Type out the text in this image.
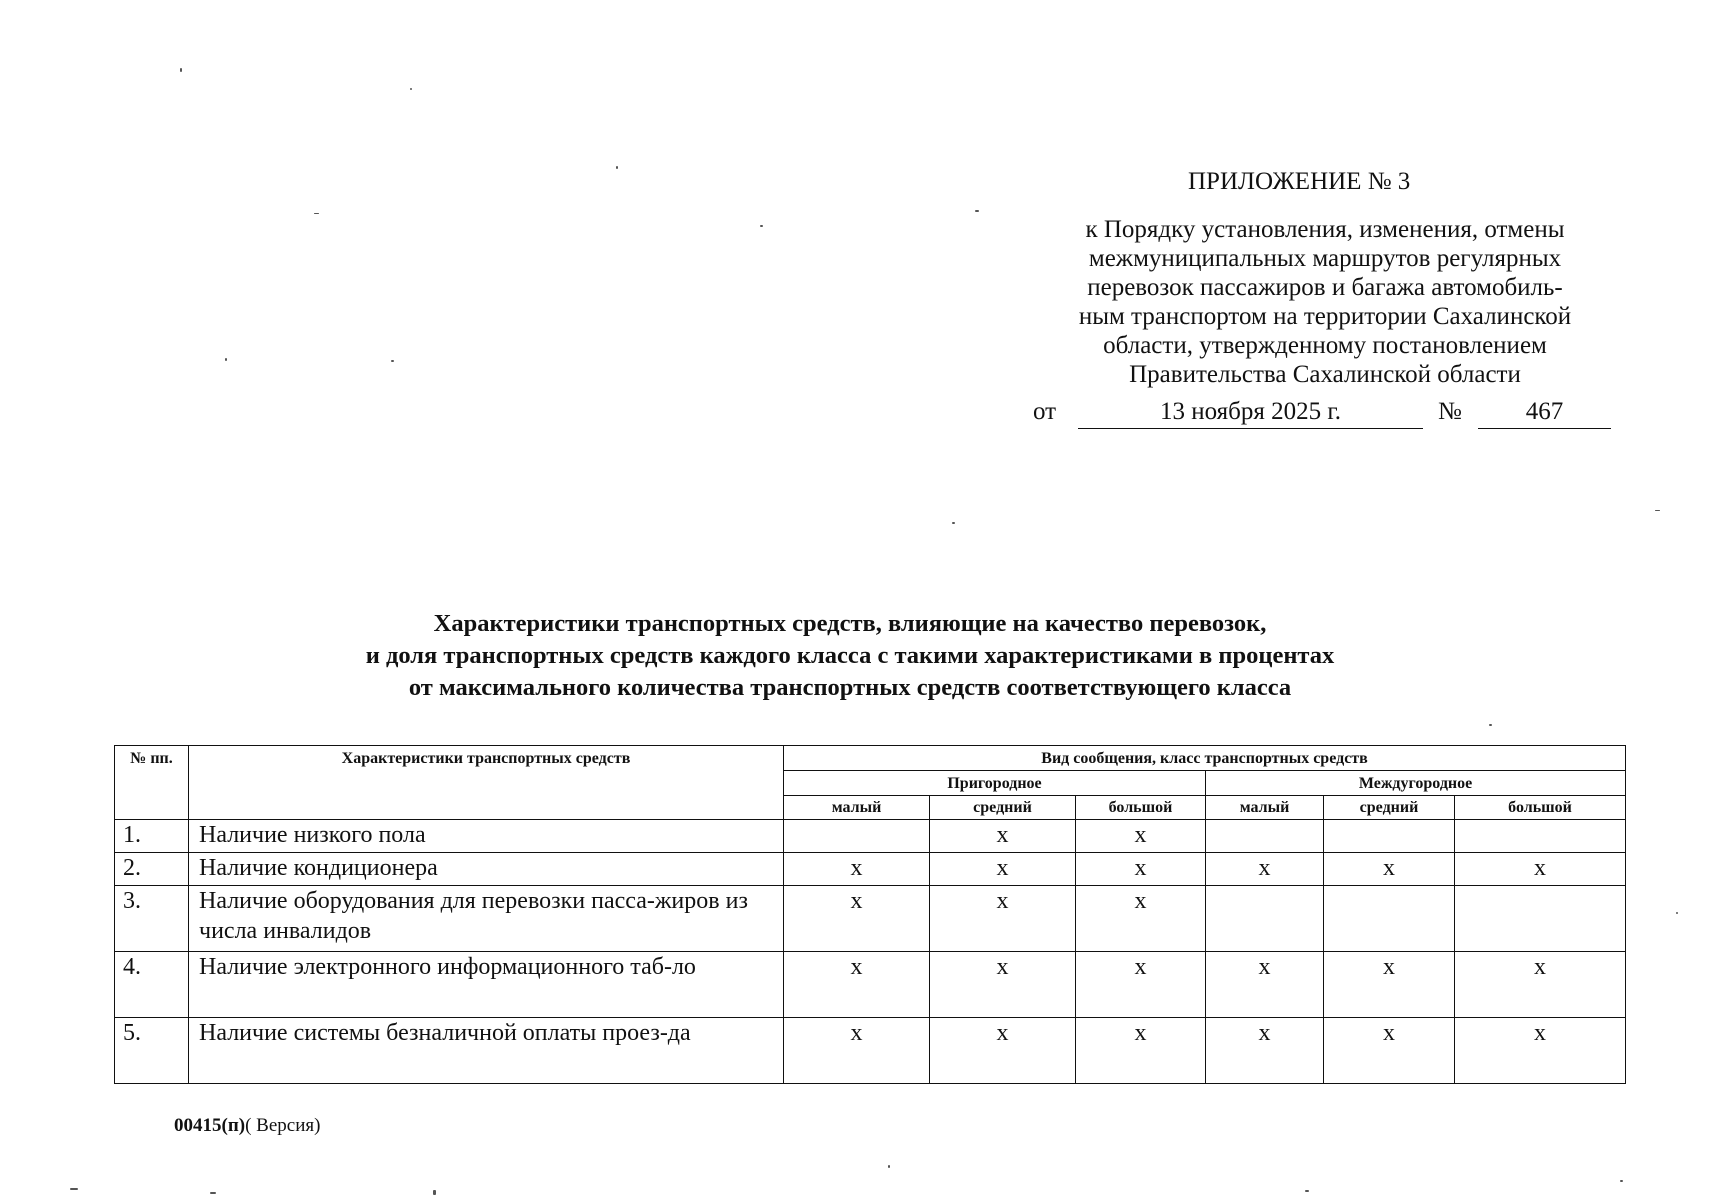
ПРИЛОЖЕНИЕ № 3
к Порядку установления, изменения, отмены
межмуниципальных маршрутов регулярных
перевозок пассажиров и багажа автомобиль-
ным транспортом на территории Сахалинской
области, утвержденному постановлением
Правительства Сахалинской области
от	13 ноября 2025 г.	№	467
Характеристики транспортных средств, влияющие на качество перевозок,
и доля транспортных средств каждого класса с такими характеристиками в процентах
от максимального количества транспортных средств соответствующего класса
№ пп.	Характеристики транспортных средств	Вид сообщения, класс транспортных средств					
		Пригородное			Междугородное		
		малый	средний	большой	малый	средний	большой
1.	Наличие низкого пола		х	х			
2.	Наличие кондиционера	х	х	х	х	х	х
3.	Наличие оборудования для перевозки пасса-жиров из числа инвалидов	х	х	х			
4.	Наличие электронного информационного таб-ло	х	х	х	х	х	х
5.	Наличие системы безналичной оплаты проез-да	х	х	х	х	х	х
00415(п)( Версия)
